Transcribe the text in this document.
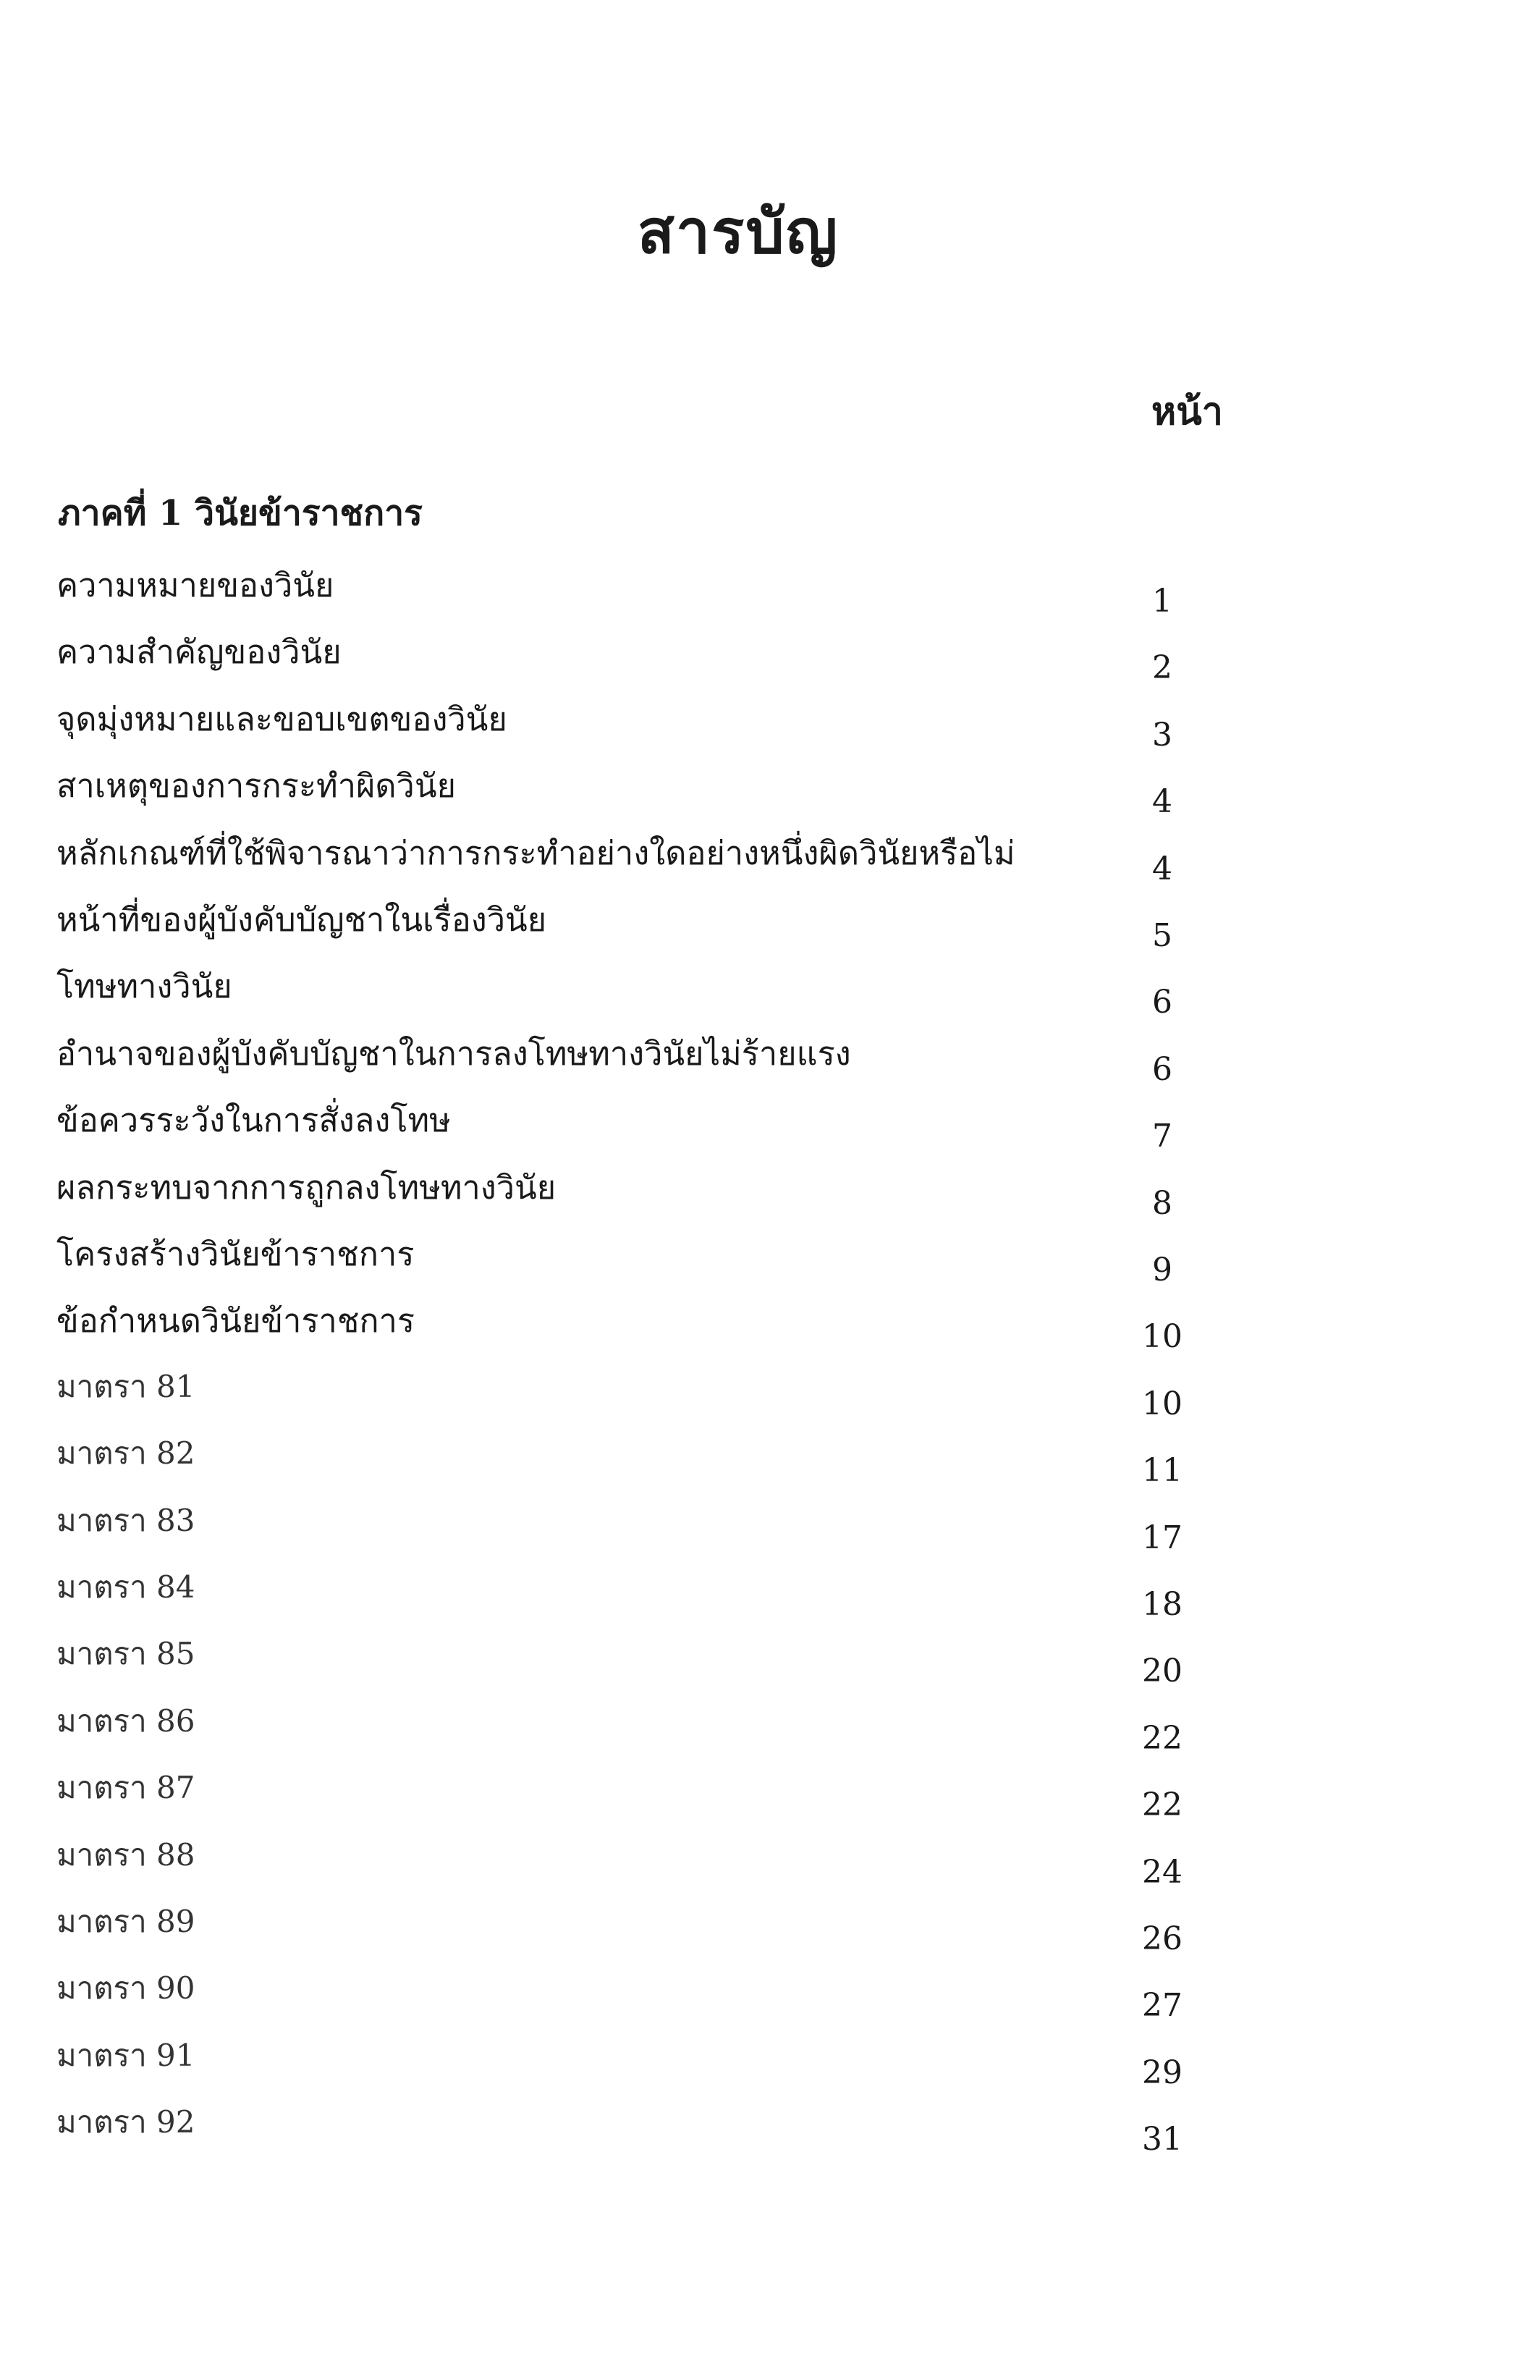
สารบัญ
หน้า
ภาคที่ 1 วินัยข้าราชการ
ความหมายของวินัย	1
ความสำคัญของวินัย	2
จุดมุ่งหมายและขอบเขตของวินัย	3
สาเหตุของการกระทำผิดวินัย	4
หลักเกณฑ์ที่ใช้พิจารณาว่าการกระทำอย่างใดอย่างหนึ่งผิดวินัยหรือไม่	4
หน้าที่ของผู้บังคับบัญชาในเรื่องวินัย	5
โทษทางวินัย	6
อำนาจของผู้บังคับบัญชาในการลงโทษทางวินัยไม่ร้ายแรง	6
ข้อควรระวังในการสั่งลงโทษ	7
ผลกระทบจากการถูกลงโทษทางวินัย	8
โครงสร้างวินัยข้าราชการ	9
ข้อกำหนดวินัยข้าราชการ	10
มาตรา 81	10
มาตรา 82	11
มาตรา 83	17
มาตรา 84	18
มาตรา 85	20
มาตรา 86	22
มาตรา 87	22
มาตรา 88	24
มาตรา 89	26
มาตรา 90	27
มาตรา 91	29
มาตรา 92	31
